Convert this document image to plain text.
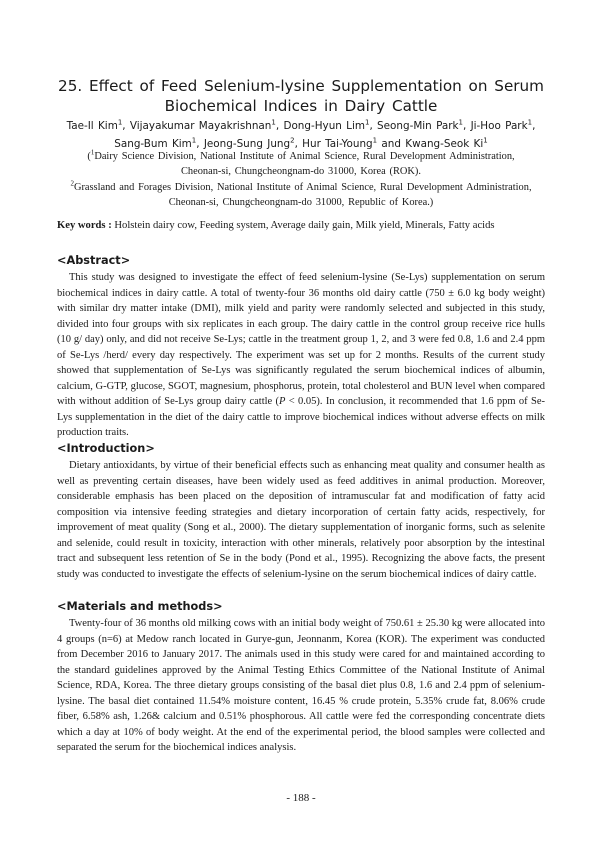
25. Effect of Feed Selenium-lysine Supplementation on Serum
Biochemical Indices in Dairy Cattle
Tae-Il Kim$^1$, Vijayakumar Mayakrishnan$^1$, Dong-Hyun Lim$^1$, Seong-Min Park$^1$, Ji-Hoo Park$^1$,
Sang-Bum Kim$^1$, Jeong-Sung Jung$^2$, Hur Tai-Young$^1$ and Kwang-Seok Ki$^1$
($^1$Dairy Science Division, National Institute of Animal Science, Rural Development Administration,
Cheonan-si, Chungcheongnam-do 31000, Korea (ROK).
$^2$Grassland and Forages Division, National Institute of Animal Science, Rural Development Administration,
Cheonan-si, Chungcheongnam-do 31000, Republic of Korea.)
Key words : Holstein dairy cow, Feeding system, Average daily gain, Milk yield, Minerals, Fatty acids
<Abstract>

This study was designed to investigate the effect of feed selenium-lysine (Se-Lys) supplementation on serum biochemical indices in dairy cattle. A total of twenty-four 36 months old dairy cattle (750 ± 6.0 kg body weight) with similar dry matter intake (DMI), milk yield and parity were randomly selected and subjected in this study, divided into four groups with six replicates in each group. The dairy cattle in the control group receive rice hulls (10 g/ day) only, and did not receive Se-Lys; cattle in the treatment group 1, 2, and 3 were fed 0.8, 1.6 and 2.4 ppm of Se-Lys /herd/ every day respectively. The experiment was set up for 2 months. Results of the current study showed that supplementation of Se-Lys was significantly regulated the serum biochemical indices of albumin, calcium, G-GTP, glucose, SGOT, magnesium, phosphorus, protein, total cholesterol and BUN level when compared with without addition of Se-Lys group dairy cattle (P < 0.05). In conclusion, it recommended that 1.6 ppm of Se-Lys supplementation in the diet of the dairy cattle to improve biochemical indices without adverse effects on milk production traits.

<Introduction>

Dietary antioxidants, by virtue of their beneficial effects such as enhancing meat quality and consumer health as well as preventing certain diseases, have been widely used as feed additives in animal production. Moreover, considerable emphasis has been placed on the deposition of intramuscular fat and modification of fatty acid composition via intensive feeding strategies and dietary incorporation of certain fatty acids, respectively, for improvement of meat quality (Song et al., 2000). The dietary supplementation of inorganic forms, such as selenite and selenide, could result in toxicity, interaction with other minerals, relatively poor absorption by the intestinal tract and subsequent less retention of Se in the body (Pond et al., 1995). Recognizing the above facts, the present study was conducted to investigate the effects of selenium-lysine on the serum biochemical indices of dairy cattle.

<Materials and methods>

Twenty-four of 36 months old milking cows with an initial body weight of 750.61 ± 25.30 kg were allocated into 4 groups (n=6) at Medow ranch located in Gurye-gun, Jeonnanm, Korea (KOR). The experiment was conducted from December 2016 to January 2017. The animals used in this study were cared for and maintained according to the standard guidelines approved by the Animal Testing Ethics Committee of the National Institute of Animal Science, RDA, Korea. The three dietary groups consisting of the basal diet plus 0.8, 1.6 and 2.4 ppm of selenium-lysine. The basal diet contained 11.54% moisture content, 16.45 % crude protein, 5.35% crude fat, 8.06% crude fiber, 6.58% ash, 1.26& calcium and 0.51% phosphorous. All cattle were fed the corresponding concentrate diets which a day at 10% of body weight. At the end of the experimental period, the blood samples were collected and separated the serum for the biochemical indices analysis.

- 188 -
